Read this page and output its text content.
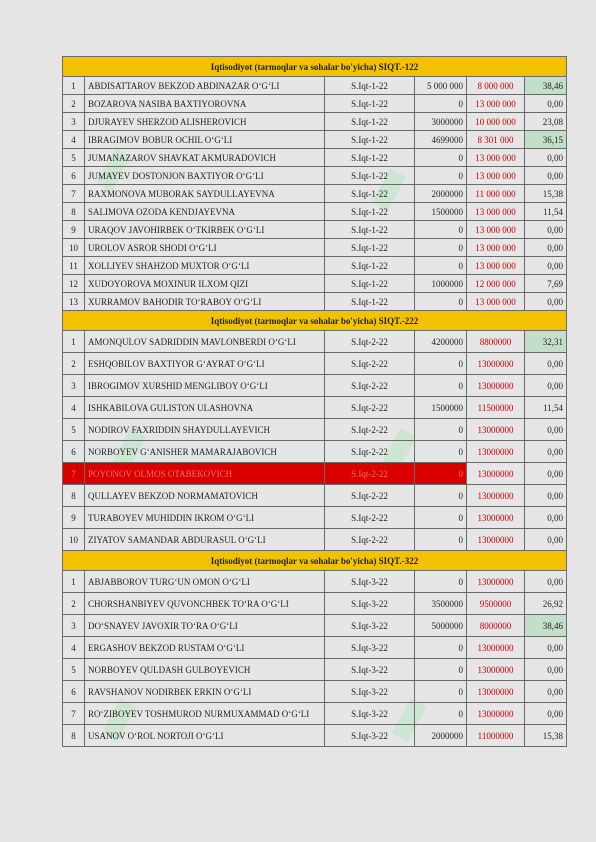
Iqtisodiyot (tarmoqlar va sohalar bo'yicha) SIQT.-122					
1	ABDISATTAROV BEKZOD ABDINAZAR O‘G‘LI	S.Iqt-1-22	5 000 000	8 000 000	38,46
2	BOZAROVA NASIBA BAXTIYOROVNA	S.Iqt-1-22	0	13 000 000	0,00
3	DJURAYEV SHERZOD ALISHEROVICH	S.Iqt-1-22	3000000	10 000 000	23,08
4	IBRAGIMOV BOBUR OCHIL O‘G‘LI	S.Iqt-1-22	4699000	8 301 000	36,15
5	JUMANAZAROV SHAVKAT AKMURADOVICH	S.Iqt-1-22	0	13 000 000	0,00
6	JUMAYEV DOSTONJON BAXTIYOR O‘G‘LI	S.Iqt-1-22	0	13 000 000	0,00
7	RAXMONOVA MUBORAK SAYDULLAYEVNA	S.Iqt-1-22	2000000	11 000 000	15,38
8	SALIMOVA OZODA KENDJAYEVNA	S.Iqt-1-22	1500000	13 000 000	11,54
9	URAQOV JAVOHIRBEK O‘TKIRBEK O‘G‘LI	S.Iqt-1-22	0	13 000 000	0,00
10	UROLOV ASROR SHODI O‘G‘LI	S.Iqt-1-22	0	13 000 000	0,00
11	XOLLIYEV SHAHZOD MUXTOR O‘G‘LI	S.Iqt-1-22	0	13 000 000	0,00
12	XUDOYOROVA MOXINUR ILXOM QIZI	S.Iqt-1-22	1000000	12 000 000	7,69
13	XURRAMOV BAHODIR TO‘RABOY O‘G‘LI	S.Iqt-1-22	0	13 000 000	0,00
Iqtisodiyot (tarmoqlar va sohalar bo'yicha) SIQT.-222					
1	AMONQULOV SADRIDDIN MAVLONBERDI O‘G‘LI	S.Iqt-2-22	4200000	8800000	32,31
2	ESHQOBILOV BAXTIYOR G‘AYRAT O‘G‘LI	S.Iqt-2-22	0	13000000	0,00
3	IBROGIMOV XURSHID MENGLIBOY O‘G‘LI	S.Iqt-2-22	0	13000000	0,00
4	ISHKABILOVA GULISTON ULASHOVNA	S.Iqt-2-22	1500000	11500000	11,54
5	NODIROV FAXRIDDIN SHAYDULLAYEVICH	S.Iqt-2-22	0	13000000	0,00
6	NORBOYEV G‘ANISHER MAMARAJABOVICH	S.Iqt-2-22	0	13000000	0,00
7	POYONOV OLMOS OTABEKOVICH	S.Iqt-2-22	0	13000000	0,00
8	QULLAYEV BEKZOD NORMAMATOVICH	S.Iqt-2-22	0	13000000	0,00
9	TURABOYEV MUHIDDIN IKROM O‘G‘LI	S.Iqt-2-22	0	13000000	0,00
10	ZIYATOV SAMANDAR ABDURASUL O‘G‘LI	S.Iqt-2-22	0	13000000	0,00
Iqtisodiyot (tarmoqlar va sohalar bo'yicha) SIQT.-322					
1	ABJABBOROV TURG‘UN OMON O‘G‘LI	S.Iqt-3-22	0	13000000	0,00
2	CHORSHANBIYEV QUVONCHBEK TO‘RA O‘G‘LI	S.Iqt-3-22	3500000	9500000	26,92
3	DO‘SNAYEV JAVOXIR TO‘RA O‘G‘LI	S.Iqt-3-22	5000000	8000000	38,46
4	ERGASHOV BEKZOD RUSTAM O‘G‘LI	S.Iqt-3-22	0	13000000	0,00
5	NORBOYEV QULDASH GULBOYEVICH	S.Iqt-3-22	0	13000000	0,00
6	RAVSHANOV NODIRBEK ERKIN O‘G‘LI	S.Iqt-3-22	0	13000000	0,00
7	RO‘ZIBOYEV TOSHMUROD NURMUXAMMAD O‘G‘LI	S.Iqt-3-22	0	13000000	0,00
8	USANOV O‘ROL NORTOJI O‘G‘LI	S.Iqt-3-22	2000000	11000000	15,38
